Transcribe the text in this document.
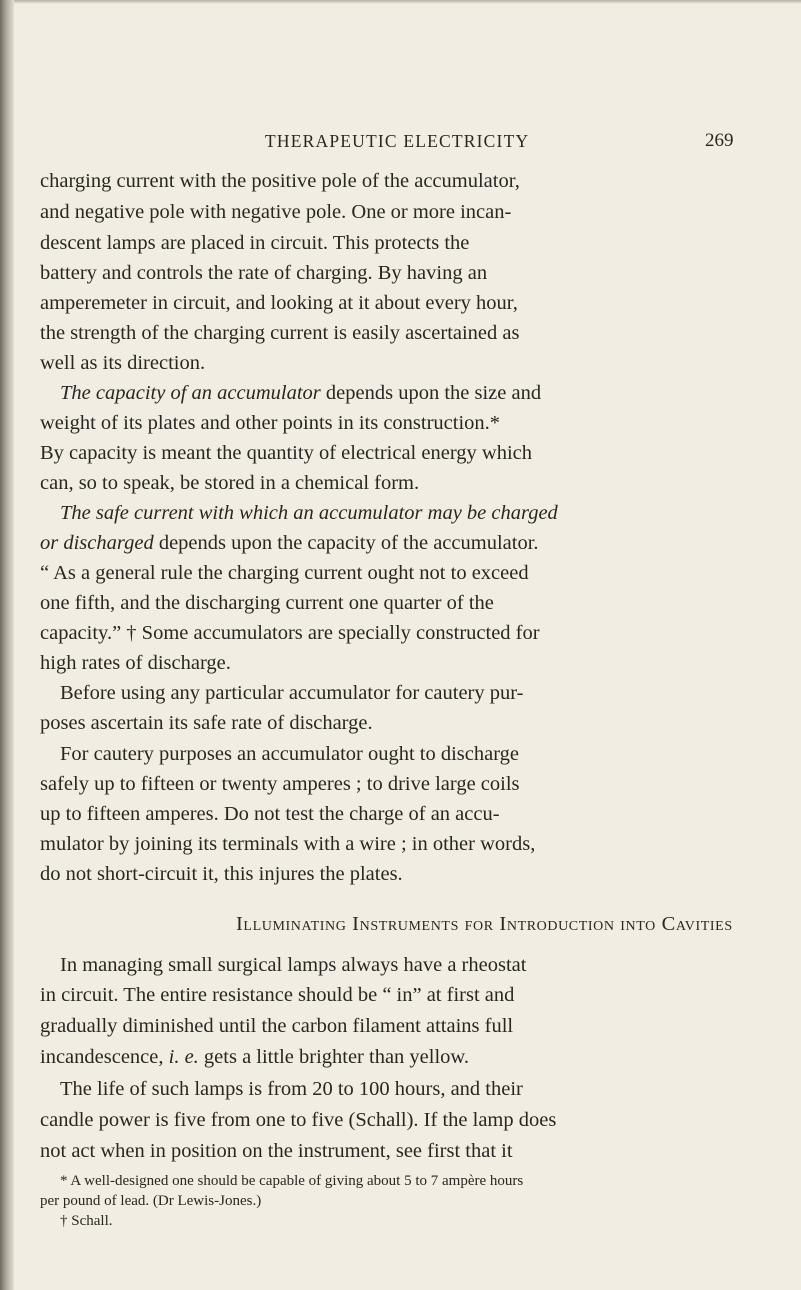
THERAPEUTIC ELECTRICITY	269
charging current with the positive pole of the accumulator,
and negative pole with negative pole. One or more incan-
descent lamps are placed in circuit. This protects the
battery and controls the rate of charging. By having an
amperemeter in circuit, and looking at it about every hour,
the strength of the charging current is easily ascertained as
well as its direction.
The capacity of an accumulator depends upon the size and
weight of its plates and other points in its construction.*
By capacity is meant the quantity of electrical energy which
can, so to speak, be stored in a chemical form.
The safe current with which an accumulator may be charged
or discharged depends upon the capacity of the accumulator.
“ As a general rule the charging current ought not to exceed
one fifth, and the discharging current one quarter of the
capacity.” † Some accumulators are specially constructed for
high rates of discharge.
Before using any particular accumulator for cautery pur-
poses ascertain its safe rate of discharge.
For cautery purposes an accumulator ought to discharge
safely up to fifteen or twenty amperes ; to drive large coils
up to fifteen amperes. Do not test the charge of an accu-
mulator by joining its terminals with a wire ; in other words,
do not short-circuit it, this injures the plates.
In managing small surgical lamps always have a rheostat
in circuit. The entire resistance should be “ in” at first and
gradually diminished until the carbon filament attains full
incandescence, i. e. gets a little brighter than yellow.
The life of such lamps is from 20 to 100 hours, and their
candle power is five from one to five (Schall). If the lamp does
not act when in position on the instrument, see first that it
Illuminating Instruments for Introduction into Cavities
* A well-designed one should be capable of giving about 5 to 7 ampère hours
per pound of lead. (Dr Lewis-Jones.)
† Schall.
